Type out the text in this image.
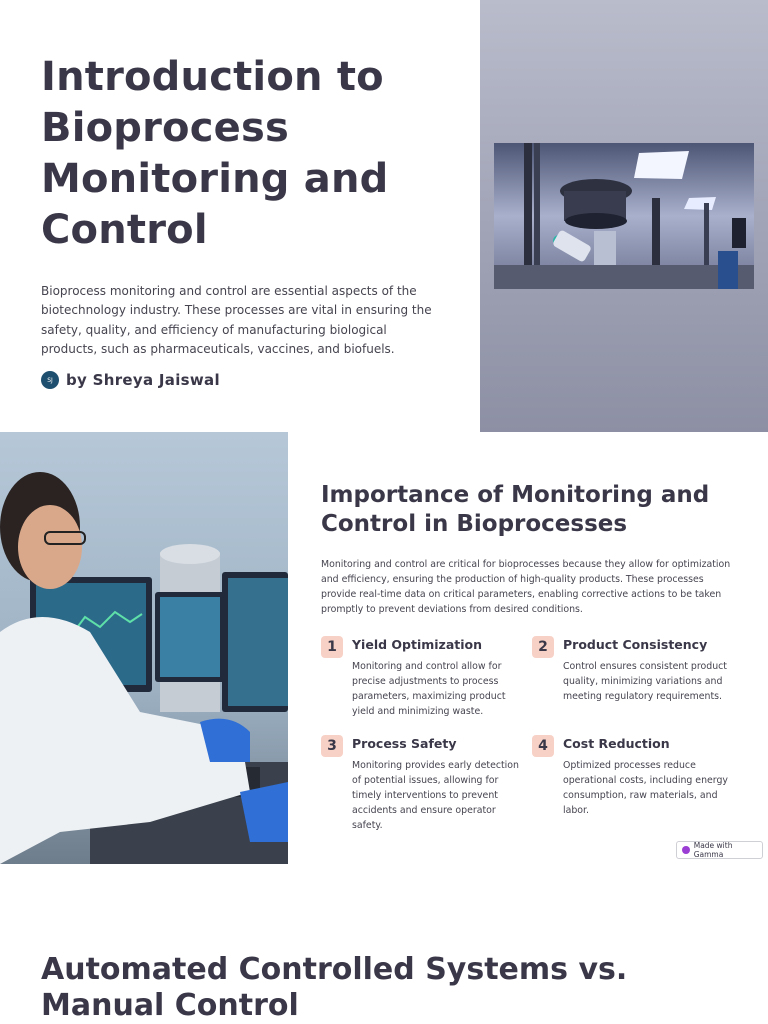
Introduction to Bioprocess Monitoring and Control

Bioprocess monitoring and control are essential aspects of the biotechnology industry. These processes are vital in ensuring the safety, quality, and efficiency of manufacturing biological products, such as pharmaceuticals, vaccines, and biofuels.

SJ by Shreya Jaiswal
Importance of Monitoring and Control in Bioprocesses

Monitoring and control are critical for bioprocesses because they allow for optimization and efficiency, ensuring the production of high-quality products. These processes provide real-time data on critical parameters, enabling corrective actions to be taken promptly to prevent deviations from desired conditions.

1	Yield Optimization
Monitoring and control allow for precise adjustments to process parameters, maximizing product yield and minimizing waste.
2	Product Consistency
Control ensures consistent product quality, minimizing variations and meeting regulatory requirements.
3	Process Safety
Monitoring provides early detection of potential issues, allowing for timely interventions to prevent accidents and ensure operator safety.
4	Cost Reduction
Optimized processes reduce operational costs, including energy consumption, raw materials, and labor.
Made with Gamma
Automated Controlled Systems vs. Manual Control
